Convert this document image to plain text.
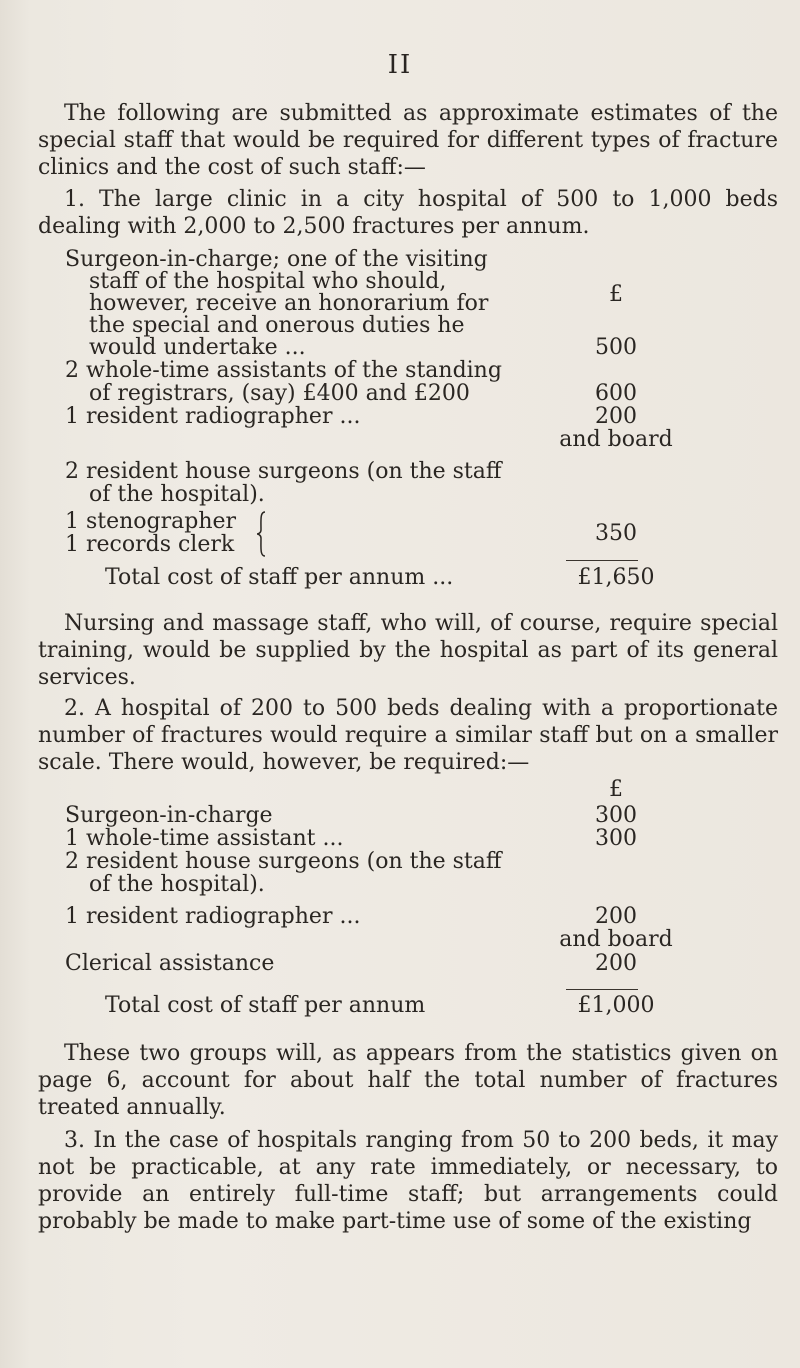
II
The following are submitted as approximate estimates of the special staff that would be required for different types of fracture clinics and the cost of such staff:—
1. The large clinic in a city hospital of 500 to 1,000 beds dealing with 2,000 to 2,500 fractures per annum.
£
Surgeon-in-charge; one of the visiting
staff of the hospital who should,
however, receive an honorarium for
the special and onerous duties he
would undertake ...	500
2 whole-time assistants of the standing
of registrars, (say) £400 and £200	600
1 resident radiographer ...	200
and board
2 resident house surgeons (on the staff
of the hospital).
1 stenographer
1 records clerk	350
Total cost of staff per annum ...	£1,650
Nursing and massage staff, who will, of course, require special training, would be supplied by the hospital as part of its general services.
2. A hospital of 200 to 500 beds dealing with a proportionate number of fractures would require a similar staff but on a smaller scale. There would, however, be required:—
£
Surgeon-in-charge	300
1 whole-time assistant ...	300
2 resident house surgeons (on the staff
of the hospital).
1 resident radiographer ...	200
and board
Clerical assistance	200
Total cost of staff per annum	£1,000
These two groups will, as appears from the statistics given on page 6, account for about half the total number of fractures treated annually.
3. In the case of hospitals ranging from 50 to 200 beds, it may not be practicable, at any rate immediately, or necessary, to provide an entirely full-time staff; but arrangements could probably be made to make part-time use of some of the existing
